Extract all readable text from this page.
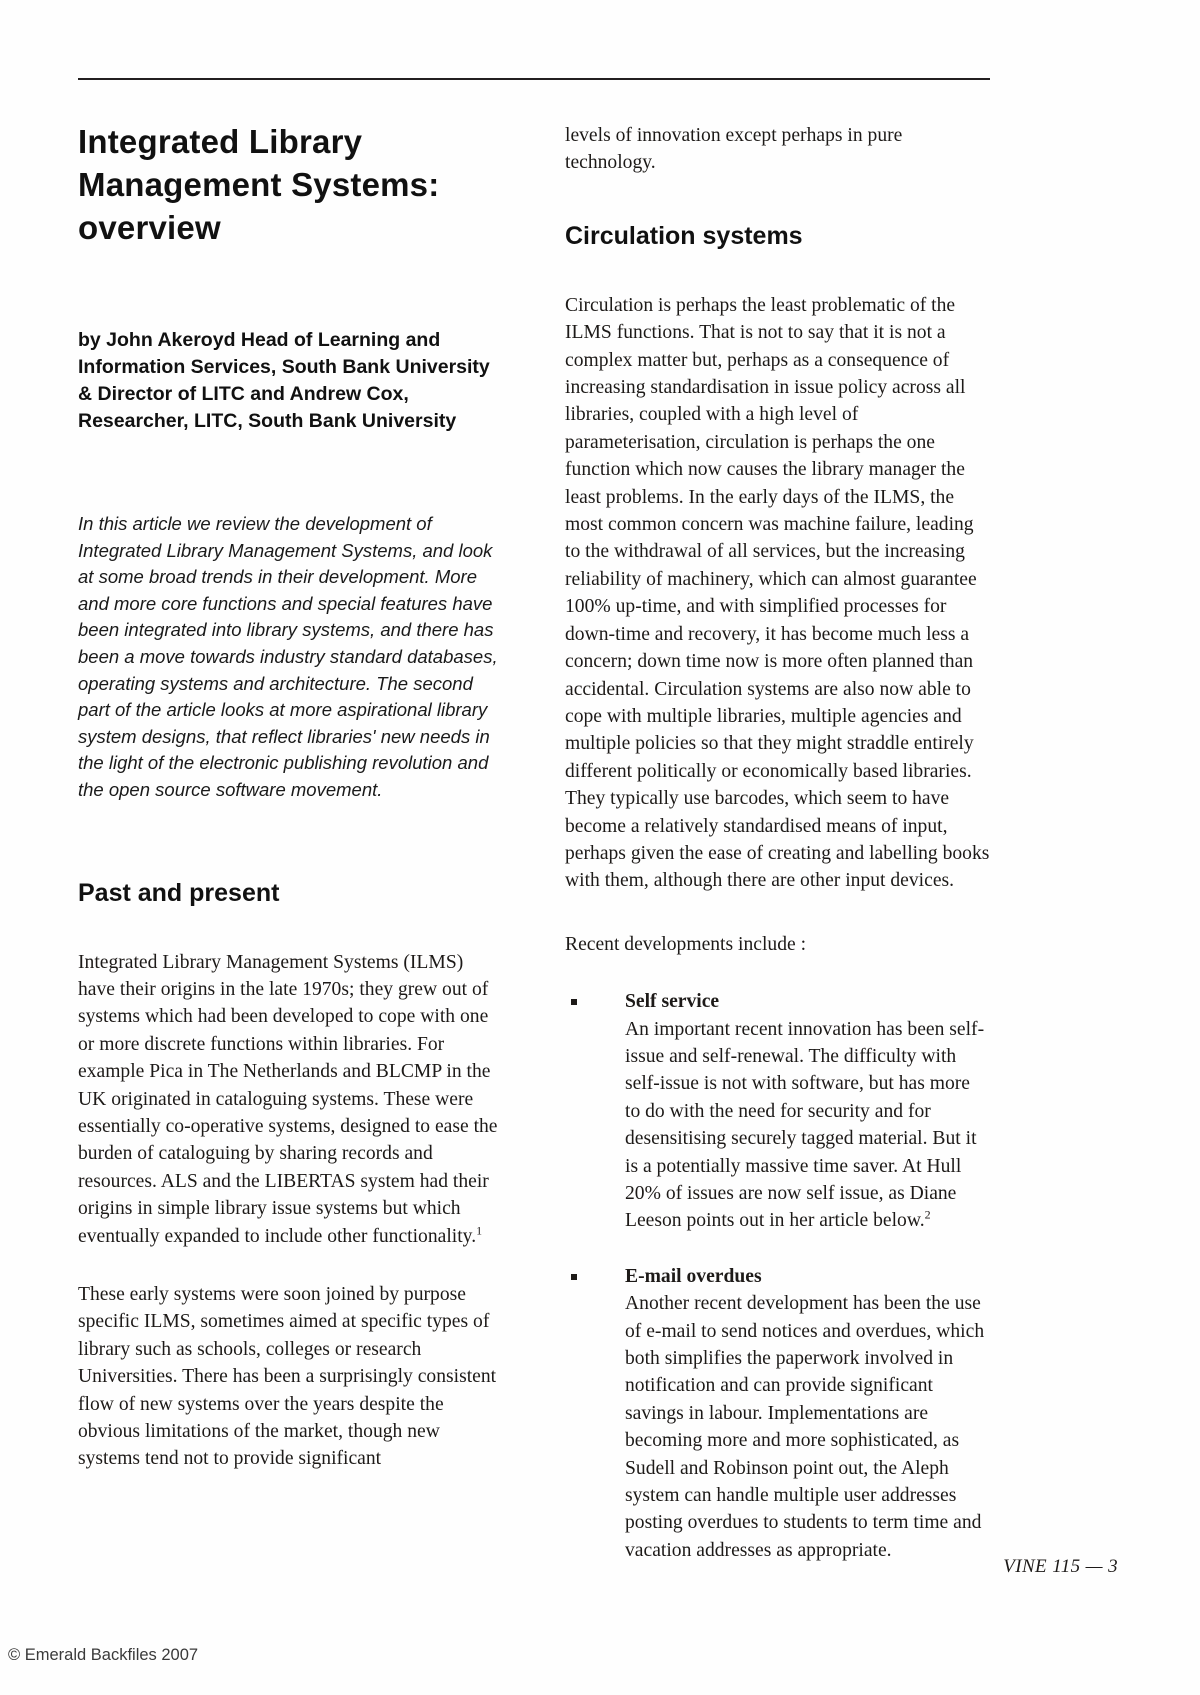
Integrated Library Management Systems: overview
by John Akeroyd Head of Learning and Information Services, South Bank University & Director of LITC and Andrew Cox, Researcher, LITC, South Bank University
In this article we review the development of Integrated Library Management Systems, and look at some broad trends in their development. More and more core functions and special features have been integrated into library systems, and there has been a move towards industry standard databases, operating systems and architecture. The second part of the article looks at more aspirational library system designs, that reflect libraries' new needs in the light of the electronic publishing revolution and the open source software movement.
Past and present

Integrated Library Management Systems (ILMS) have their origins in the late 1970s; they grew out of systems which had been developed to cope with one or more discrete functions within libraries. For example Pica in The Netherlands and BLCMP in the UK originated in cataloguing systems. These were essentially co-operative systems, designed to ease the burden of cataloguing by sharing records and resources. ALS and the LIBERTAS system had their origins in simple library issue systems but which eventually expanded to include other functionality.$^1$

These early systems were soon joined by purpose specific ILMS, sometimes aimed at specific types of library such as schools, colleges or research Universities. There has been a surprisingly consistent flow of new systems over the years despite the obvious limitations of the market, though new systems tend not to provide significant

levels of innovation except perhaps in pure technology.

Circulation systems

Circulation is perhaps the least problematic of the ILMS functions. That is not to say that it is not a complex matter but, perhaps as a consequence of increasing standardisation in issue policy across all libraries, coupled with a high level of parameterisation, circulation is perhaps the one function which now causes the library manager the least problems. In the early days of the ILMS, the most common concern was machine failure, leading to the withdrawal of all services, but the increasing reliability of machinery, which can almost guarantee 100% up-time, and with simplified processes for down-time and recovery, it has become much less a concern; down time now is more often planned than accidental. Circulation systems are also now able to cope with multiple libraries, multiple agencies and multiple policies so that they might straddle entirely different politically or economically based libraries. They typically use barcodes, which seem to have become a relatively standardised means of input, perhaps given the ease of creating and labelling books with them, although there are other input devices.

Recent developments include :

Self service
An important recent innovation has been self-issue and self-renewal. The difficulty with self-issue is not with software, but has more to do with the need for security and for desensitising securely tagged material. But it is a potentially massive time saver. At Hull 20% of issues are now self issue, as Diane Leeson points out in her article below.$^2$
E-mail overdues
Another recent development has been the use of e-mail to send notices and overdues, which both simplifies the paperwork involved in notification and can provide significant savings in labour. Implementations are becoming more and more sophisticated, as Sudell and Robinson point out, the Aleph system can handle multiple user addresses posting overdues to students to term time and vacation addresses as appropriate.
VINE 115 — 3
© Emerald Backfiles 2007
